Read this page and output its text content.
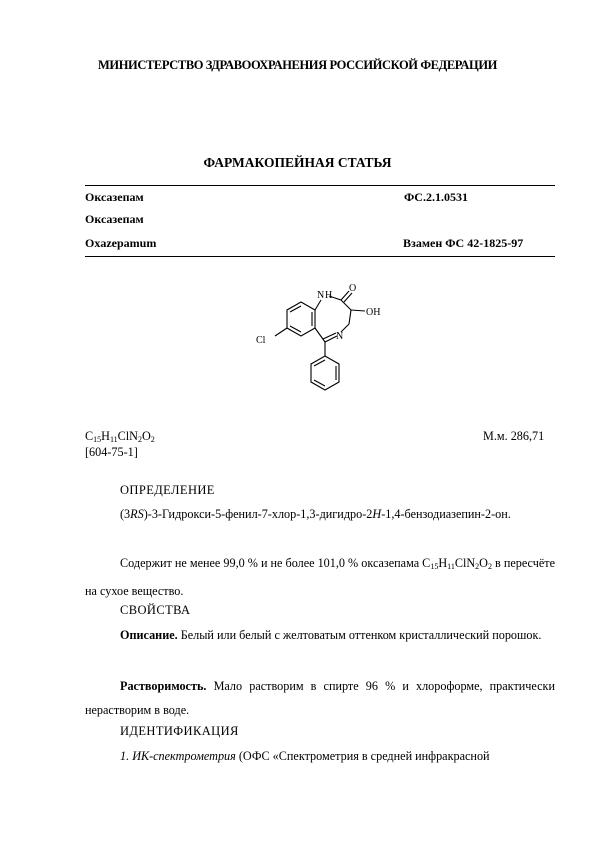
МИНИСТЕРСТВО ЗДРАВООХРАНЕНИЯ РОССИЙСКОЙ ФЕДЕРАЦИИ
ФАРМАКОПЕЙНАЯ СТАТЬЯ
Оксазепам	ФС.2.1.0531
Оксазепам
Oxazepamum	Взамен ФС 42-1825-97
N H
O
OH
N
Cl
$C_{15}H_{11}ClN_2O_2$	М.м. 286,71
[604-75-1]
ОПРЕДЕЛЕНИЕ
(3RS)-3-Гидрокси-5-фенил-7-хлор-1,3-дигидро-2H-1,4-бензодиазепин-2-он.
Содержит не менее 99,0 % и не более 101,0 % оксазепама $C_{15}H_{11}ClN_2O_2$ в пересчёте на сухое вещество.
СВОЙСТВА
Описание. Белый или белый с желтоватым оттенком кристаллический порошок.
Растворимость. Мало растворим в спирте 96 % и хлороформе, практически нерастворим в воде.
ИДЕНТИФИКАЦИЯ
1. ИК-спектрометрия (ОФС «Спектрометрия в средней инфракрасной
